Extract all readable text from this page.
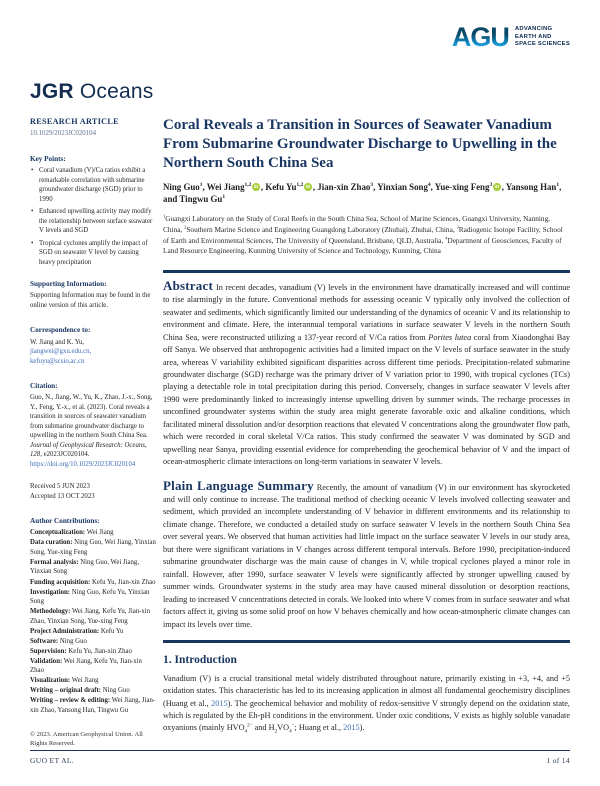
AGU ADVANCING
EARTH AND
SPACE SCIENCES
JGR Oceans
RESEARCH ARTICLE
10.1029/2023JC020104
Key Points:
• Coral vanadium (V)/Ca ratios exhibit a remarkable correlation with submarine groundwater discharge (SGD) prior to 1990
• Enhanced upwelling activity may modify the relationship between surface seawater V levels and SGD
• Tropical cyclones amplify the impact of SGD on seawater V level by causing heavy precipitation
Supporting Information:
Supporting Information may be found in the online version of this article.
Correspondence to:
W. Jiang and K. Yu,
jiangwei@gxu.edu.cn,
kefuyu@scsio.ac.cn
Citation:
Guo, N., Jiang, W., Yu, K., Zhao, J.-x., Song, Y., Feng, Y.-x., et al. (2023). Coral reveals a transition in sources of seawater vanadium from submarine groundwater discharge to upwelling in the northern South China Sea. Journal of Geophysical Research: Oceans, 128, e2023JC020104. https://doi.org/10.1029/2023JC020104
Received 5 JUN 2023
Accepted 13 OCT 2023
Author Contributions:
Conceptualization: Wei Jiang
Data curation: Ning Guo, Wei Jiang, Yinxian Song, Yue-xing Feng
Formal analysis: Ning Guo, Wei Jiang, Yinxian Song
Funding acquisition: Kefu Yu, Jian-xin Zhao
Investigation: Ning Guo, Kefu Yu, Yinxian Song
Methodology: Wei Jiang, Kefu Yu, Jian-xin Zhao, Yinxian Song, Yue-xing Feng
Project Administration: Kefu Yu
Software: Ning Guo
Supervision: Kefu Yu, Jian-xin Zhao
Validation: Wei Jiang, Kefu Yu, Jian-xin Zhao
Visualization: Wei Jiang
Writing – original draft: Ning Guo
Writing – review & editing: Wei Jiang, Jian-xin Zhao, Yansong Han, Tingwu Gu
© 2023. American Geophysical Union. All Rights Reserved.
Coral Reveals a Transition in Sources of Seawater Vanadium From Submarine Groundwater Discharge to Upwelling in the Northern South China Sea
Ning Guo$^1$, Wei Jiang$^{1,2}$ iD , Kefu Yu$^{1,2}$ iD , Jian-xin Zhao$^3$, Yinxian Song$^4$, Yue-xing Feng$^3$ iD , Yansong Han$^1$, and Tingwu Gu$^1$
$^1$Guangxi Laboratory on the Study of Coral Reefs in the South China Sea, School of Marine Sciences, Guangxi University, Nanning, China, $^2$Southern Marine Science and Engineering Guangdong Laboratory (Zhuhai), Zhuhai, China, $^3$Radiogenic Isotope Facility, School of Earth and Environmental Sciences, The University of Queensland, Brisbane, QLD, Australia, $^4$Department of Geosciences, Faculty of Land Resource Engineering, Kunming University of Science and Technology, Kunming, China

Abstract In recent decades, vanadium (V) levels in the environment have dramatically increased and will continue to rise alarmingly in the future. Conventional methods for assessing oceanic V typically only involved the collection of seawater and sediments, which significantly limited our understanding of the dynamics of oceanic V and its relationship to environment and climate. Here, the interannual temporal variations in surface seawater V levels in the northern South China Sea, were reconstructed utilizing a 137-year record of V/Ca ratios from Porites lutea coral from Xiaodonghai Bay off Sanya. We observed that anthropogenic activities had a limited impact on the V levels of surface seawater in the study area, whereas V variability exhibited significant disparities across different time periods. Precipitation-related submarine groundwater discharge (SGD) recharge was the primary driver of V variation prior to 1990, with tropical cyclones (TCs) playing a detectable role in total precipitation during this period. Conversely, changes in surface seawater V levels after 1990 were predominantly linked to increasingly intense upwelling driven by summer winds. The recharge processes in unconfined groundwater systems within the study area might generate favorable oxic and alkaline conditions, which facilitated mineral dissolution and/or desorption reactions that elevated V concentrations along the groundwater flow path, which were recorded in coral skeletal V/Ca ratios. This study confirmed the seawater V was dominated by SGD and upwelling near Sanya, providing essential evidence for comprehending the geochemical behavior of V and the impact of ocean-atmospheric climate interactions on long-term variations in seawater V levels.

Plain Language Summary Recently, the amount of vanadium (V) in our environment has skyrocketed and will only continue to increase. The traditional method of checking oceanic V levels involved collecting seawater and sediment, which provided an incomplete understanding of V behavior in different environments and its relationship to climate change. Therefore, we conducted a detailed study on surface seawater V levels in the northern South China Sea over several years. We observed that human activities had little impact on the surface seawater V levels in our study area, but there were significant variations in V changes across different temporal intervals. Before 1990, precipitation-induced submarine groundwater discharge was the main cause of changes in V, while tropical cyclones played a minor role in rainfall. However, after 1990, surface seawater V levels were significantly affected by stronger upwelling caused by summer winds. Groundwater systems in the study area may have caused mineral dissolution or desorption reactions, leading to increased V concentrations detected in corals. We looked into where V comes from in surface seawater and what factors affect it, giving us some solid proof on how V behaves chemically and how ocean-atmospheric climate changes can impact its levels over time.

1. Introduction

Vanadium (V) is a crucial transitional metal widely distributed throughout nature, primarily existing in +3, +4, and +5 oxidation states. This characteristic has led to its increasing application in almost all fundamental geochemistry disciplines (Huang et al., 2015). The geochemical behavior and mobility of redox-sensitive V strongly depend on the oxidation state, which is regulated by the Eh-pH conditions in the environment. Under oxic conditions, V exists as highly soluble vanadate oxyanions (mainly $HVO_4^{2-}$ and $H_2VO_4^-$; Huang et al., 2015).

GUO ET AL.	1 of 14
